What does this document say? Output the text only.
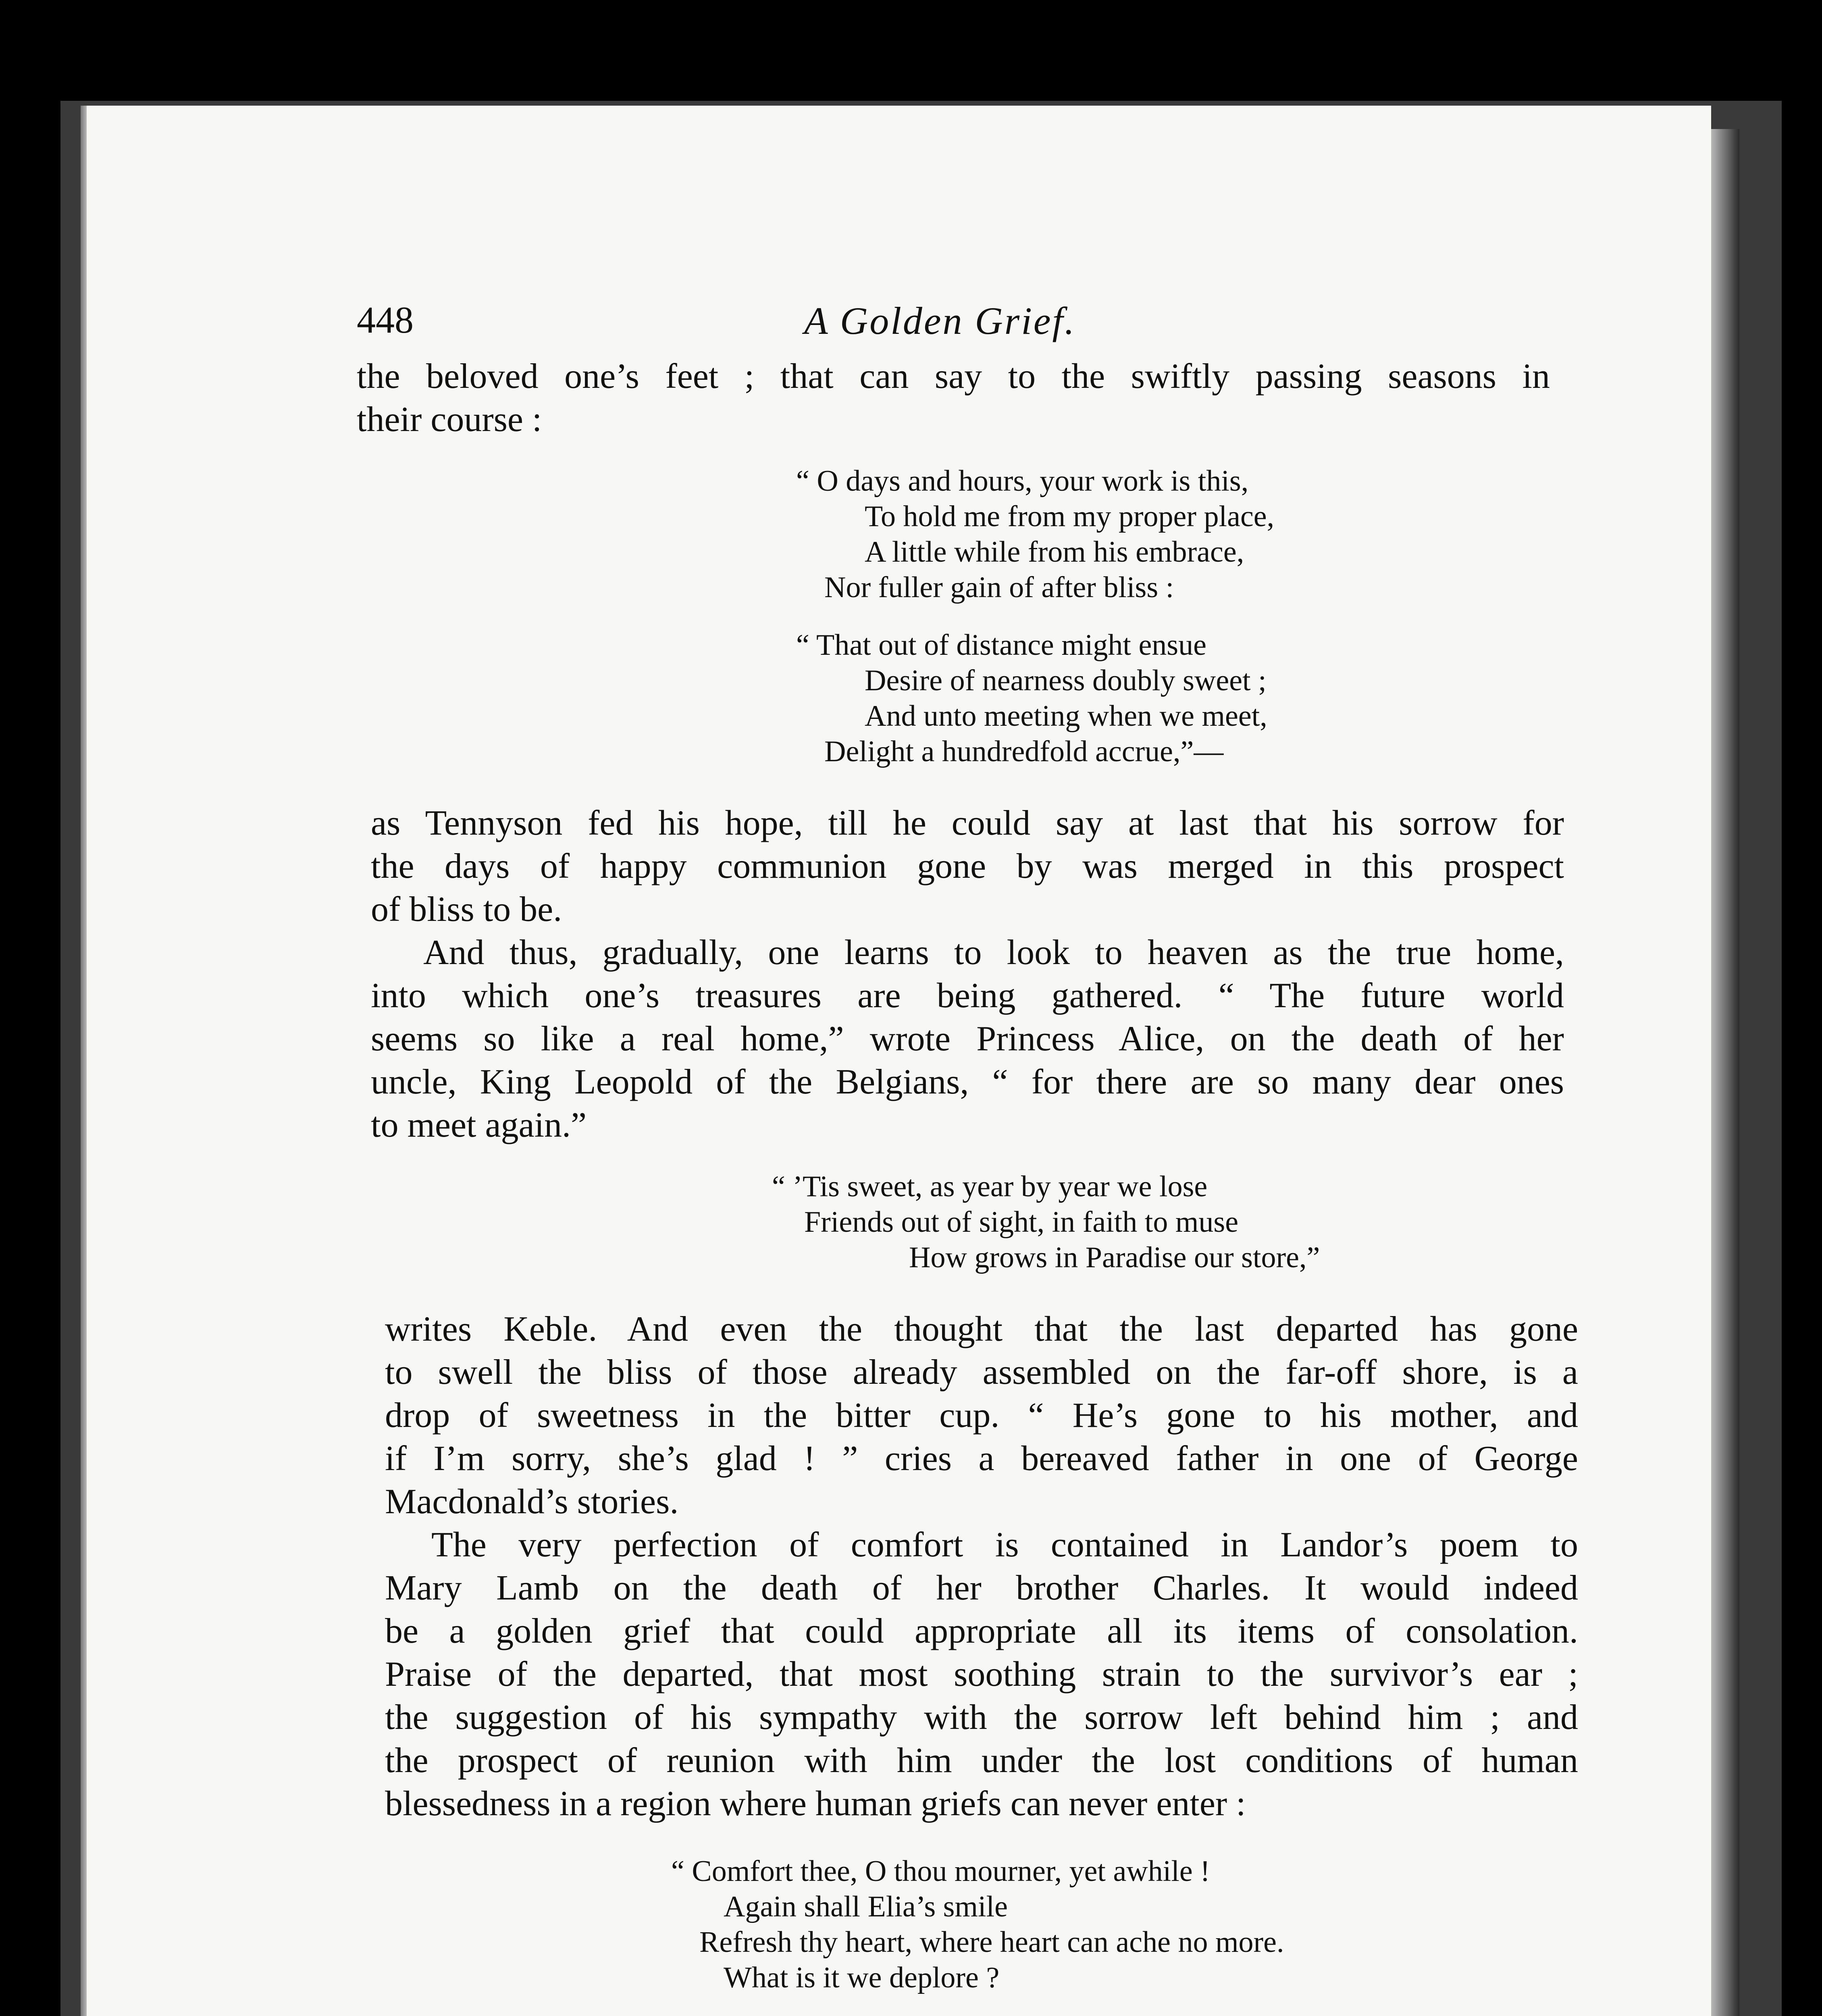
448	A Golden Grief.

the beloved one’s feet ; that can say to the swiftly passing seasons in
their course :

“ O days and hours, your work is this,
To hold me from my proper place,
A little while from his embrace,
Nor fuller gain of after bliss :
“ That out of distance might ensue
Desire of nearness doubly sweet ;
And unto meeting when we meet,
Delight a hundredfold accrue,”—

as Tennyson fed his hope, till he could say at last that his sorrow for
the days of happy communion gone by was merged in this prospect
of bliss to be.

And thus, gradually, one learns to look to heaven as the true home,
into which one’s treasures are being gathered. “ The future world
seems so like a real home,” wrote Princess Alice, on the death of her
uncle, King Leopold of the Belgians, “ for there are so many dear ones
to meet again.”

“ ’Tis sweet, as year by year we lose
Friends out of sight, in faith to muse
How grows in Paradise our store,”

writes Keble. And even the thought that the last departed has gone
to swell the bliss of those already assembled on the far-off shore, is a
drop of sweetness in the bitter cup. “ He’s gone to his mother, and
if I’m sorry, she’s glad ! ” cries a bereaved father in one of George
Macdonald’s stories.

The very perfection of comfort is contained in Landor’s poem to
Mary Lamb on the death of her brother Charles. It would indeed
be a golden grief that could appropriate all its items of consolation.
Praise of the departed, that most soothing strain to the survivor’s ear ;
the suggestion of his sympathy with the sorrow left behind him ; and
the prospect of reunion with him under the lost conditions of human
blessedness in a region where human griefs can never enter :

“ Comfort thee, O thou mourner, yet awhile !
Again shall Elia’s smile
Refresh thy heart, where heart can ache no more.
What is it we deplore ?
